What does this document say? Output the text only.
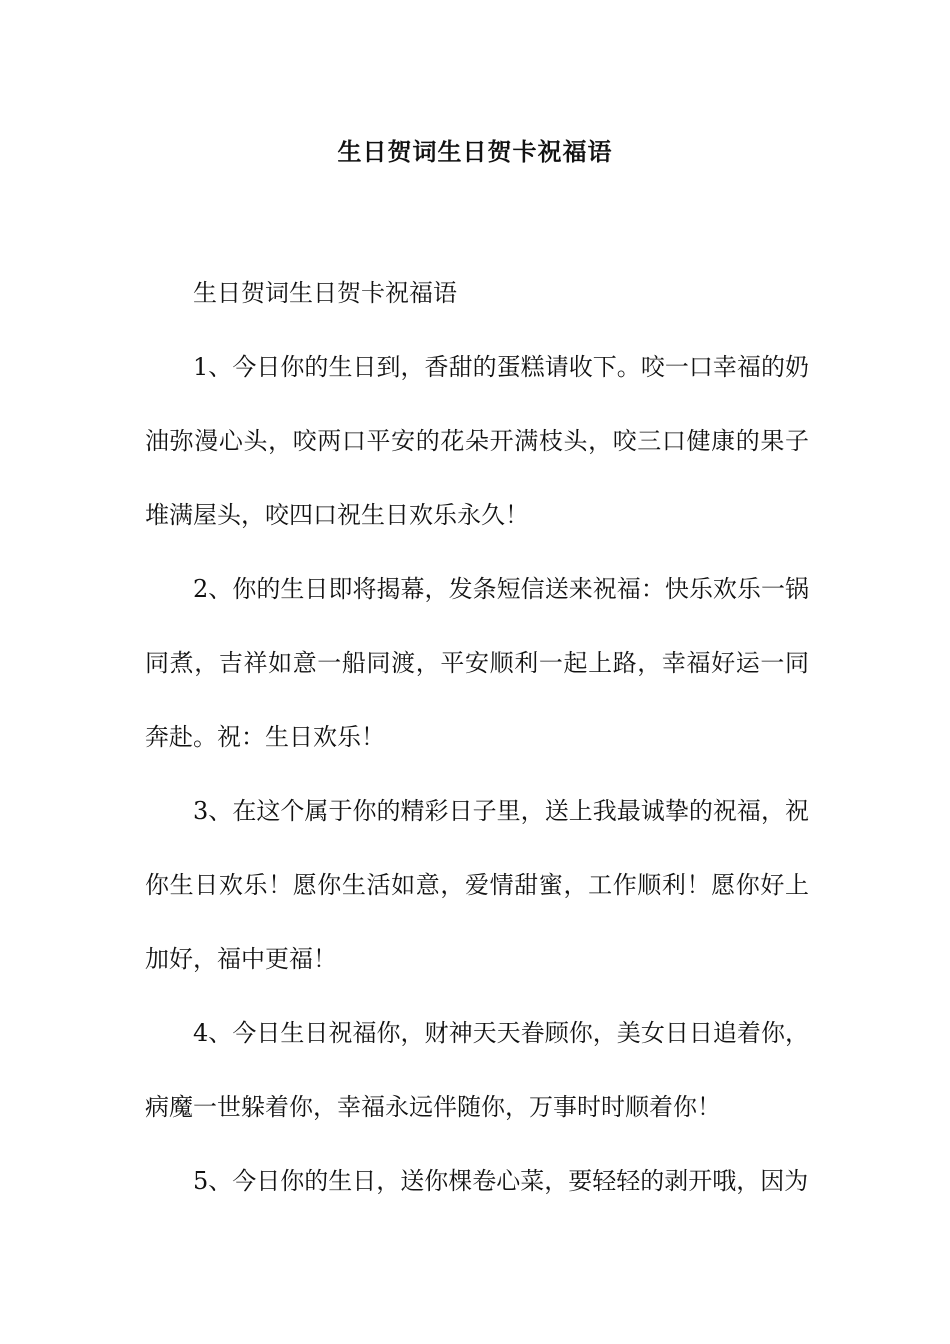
生日贺词生日贺卡祝福语

生日贺词生日贺卡祝福语

1、今日你的生日到，香甜的蛋糕请收下。咬一口幸福的奶油弥漫心头，咬两口平安的花朵开满枝头，咬三口健康的果子堆满屋头，咬四口祝生日欢乐永久！

2、你的生日即将揭幕，发条短信送来祝福：快乐欢乐一锅同煮，吉祥如意一船同渡，平安顺利一起上路，幸福好运一同奔赴。祝：生日欢乐！

3、在这个属于你的精彩日子里，送上我最诚挚的祝福，祝你生日欢乐！愿你生活如意，爱情甜蜜，工作顺利！愿你好上加好，福中更福！

4、今日生日祝福你，财神天天眷顾你，美女日日追着你，病魔一世躲着你，幸福永远伴随你，万事时时顺着你！

5、今日你的生日，送你棵卷心菜，要轻轻的剥开哦，因为
